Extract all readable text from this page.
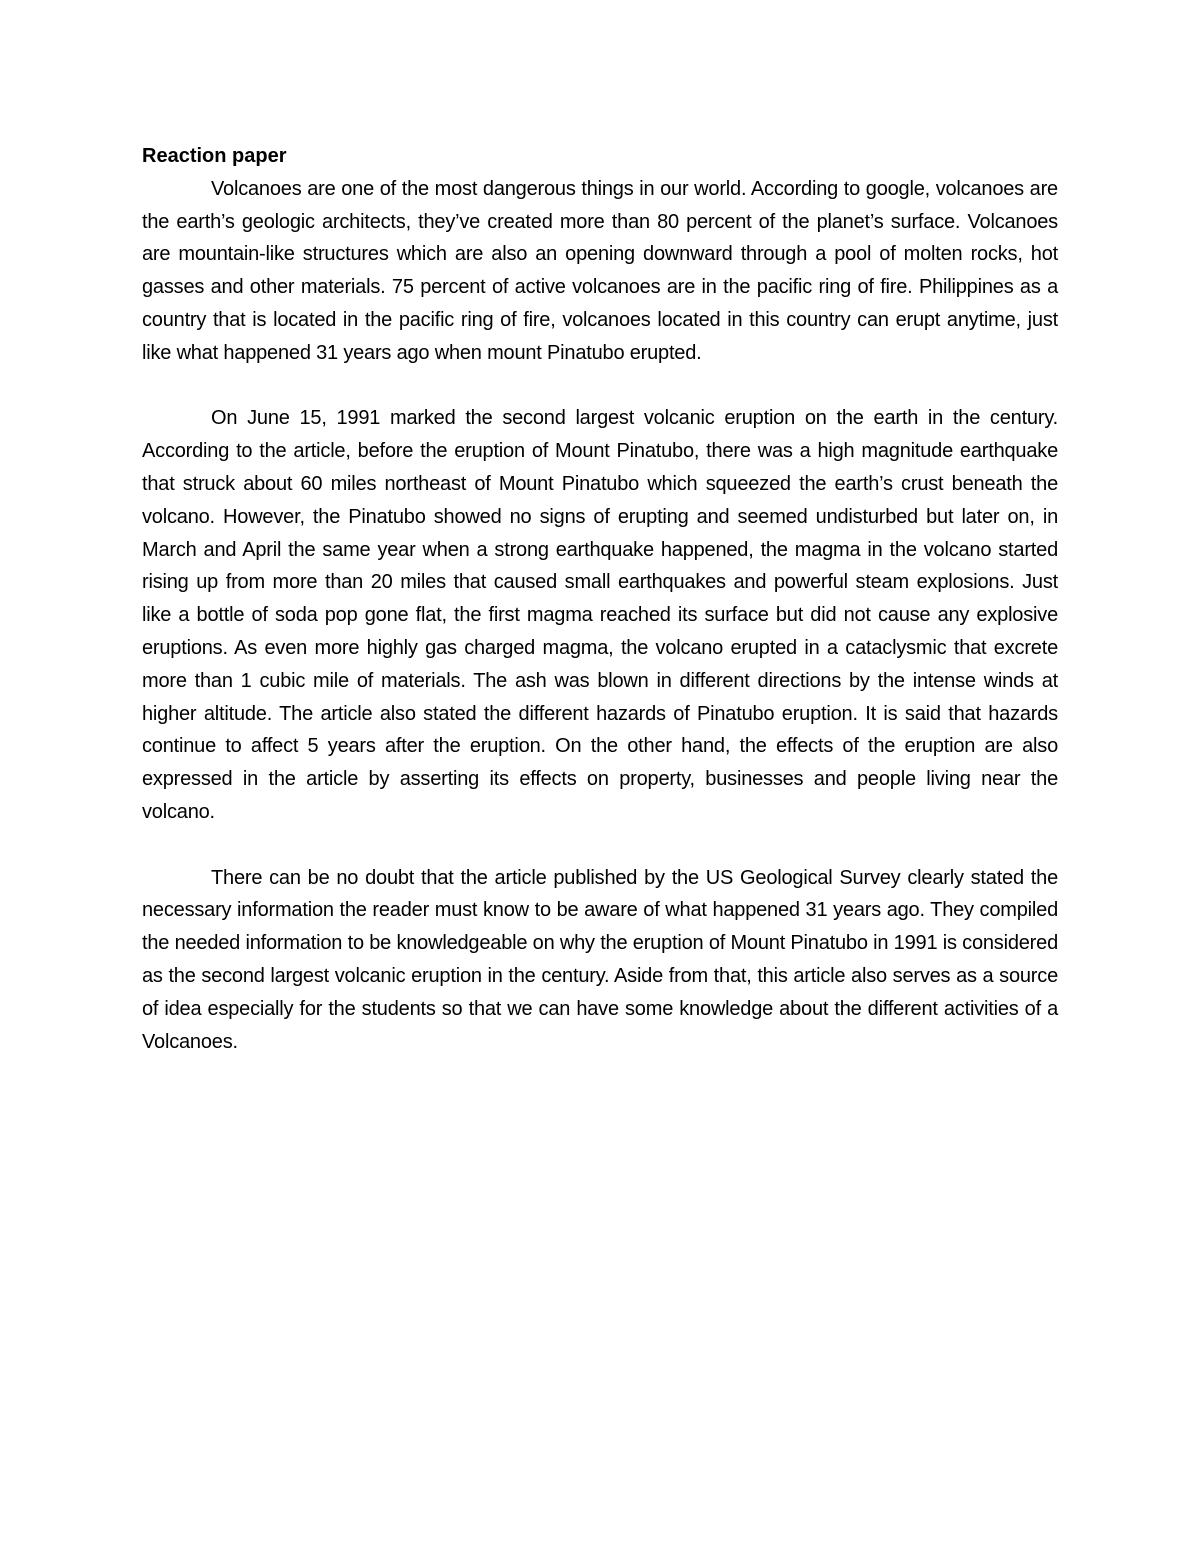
Reaction paper

Volcanoes are one of the most dangerous things in our world. According to google, volcanoes are the earth’s geologic architects, they’ve created more than 80 percent of the planet’s surface. Volcanoes are mountain-like structures which are also an opening downward through a pool of molten rocks, hot gasses and other materials. 75 percent of active volcanoes are in the pacific ring of fire. Philippines as a country that is located in the pacific ring of fire, volcanoes located in this country can erupt anytime, just like what happened 31 years ago when mount Pinatubo erupted.

On June 15, 1991 marked the second largest volcanic eruption on the earth in the century. According to the article, before the eruption of Mount Pinatubo, there was a high magnitude earthquake that struck about 60 miles northeast of Mount Pinatubo which squeezed the earth’s crust beneath the volcano. However, the Pinatubo showed no signs of erupting and seemed undisturbed but later on, in March and April the same year when a strong earthquake happened, the magma in the volcano started rising up from more than 20 miles that caused small earthquakes and powerful steam explosions. Just like a bottle of soda pop gone flat, the first magma reached its surface but did not cause any explosive eruptions. As even more highly gas charged magma, the volcano erupted in a cataclysmic that excrete more than 1 cubic mile of materials. The ash was blown in different directions by the intense winds at higher altitude. The article also stated the different hazards of Pinatubo eruption. It is said that hazards continue to affect 5 years after the eruption. On the other hand, the effects of the eruption are also expressed in the article by asserting its effects on property, businesses and people living near the volcano.

There can be no doubt that the article published by the US Geological Survey clearly stated the necessary information the reader must know to be aware of what happened 31 years ago. They compiled the needed information to be knowledgeable on why the eruption of Mount Pinatubo in 1991 is considered as the second largest volcanic eruption in the century. Aside from that, this article also serves as a source of idea especially for the students so that we can have some knowledge about the different activities of a Volcanoes.
